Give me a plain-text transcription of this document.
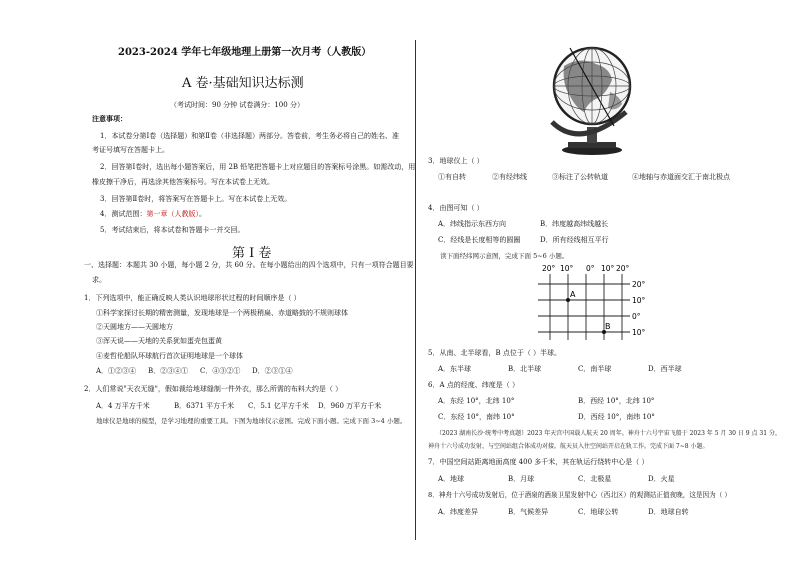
2023-2024 学年七年级地理上册第一次月考（人教版）
A 卷·基础知识达标测
（考试时间：90 分钟 试卷满分：100 分）
注意事项：
1．本试卷分第Ⅰ卷（选择题）和第Ⅱ卷（非选择题）两部分。答卷前，考生务必将自己的姓名、准
考证号填写在答题卡上。
2．回答第Ⅰ卷时，选出每小题答案后，用 2B 铅笔把答题卡上对应题目的答案标号涂黑。如需改动，用
橡皮擦干净后，再选涂其他答案标号。写在本试卷上无效。
3．回答第Ⅱ卷时，将答案写在答题卡上。写在本试卷上无效。
4．测试范围：第一章（人教版）。
5．考试结束后，将本试卷和答题卡一并交回。
第 Ⅰ 卷
一、选择题：本题共 30 小题，每小题 2 分，共 60 分。在每小题给出的四个选项中，只有一项符合题目要
求。
1．下列选项中，能正确反映人类认识地球形状过程的时间顺序是（ ）
①科学家探讨长期的精密测量，发现地球是一个两极稍扁、赤道略鼓的不规则球体
②天圆地方——天圆地方
③浑天说——天地的关系犹如蛋壳包蛋黄
④麦哲伦船队环球航行首次证明地球是一个球体
A．①②③④ B．②③④① C．④③②① D．②③①④
2．人们常说"天衣无缝"，假如裁给地球缝制一件外衣，那么所需的布料大约是（ ）
A．4 万平方千米	B．6371 平方千米 C．5.1 亿平方千米 D．960 万平方千米
地球仪是地球的模型，是学习地理的重要工具。下图为地球仪示意图。完成下面小题。完成下面 3~4 小题。
3．地球仪上（ ）
①有自转	②有经纬线	③标注了公转轨道	④地轴与赤道面交汇于南北极点
4．由图可知（ ）
A．纬线指示东西方向	B．纬度越高纬线越长
C．经线是长度相等的圆圈	D．所有经线相互平行
读下面经纬网示意图，完成下面 5~6 小题。
20° 10° 0° 10° 20°
20°
10°
0°
10°
A
B
5．从南、北半球看，B 点位于（ ）半球。
A．东半球	B．北半球	C．南半球	D．西半球
6．A 点的经度、纬度是（ ）
A．东经 10°，北纬 10°	B．西经 10°，北纬 10°
C．东经 10°，南纬 10°	D．西经 10°，南纬 10°
（2023 湖南长沙·统考中考真题）2023 年天宫中国载人航天 20 周年。神舟十六号宇宙飞船于 2023 年 5 月 30 日 9 点 31 分，
神舟十六号成功发射，与空间站组合体成功对接。航天员入住空间站开启在轨工作。完成下面 7~8 小题。
7．中国空间站距离地面高度 400 多千米，其在轨运行绕转中心是（ ）
A．地球	B．月球	C．北极星	D．火星
8．神舟十六号成功发射后，位于酒泉的酒泉卫星发射中心（西北区）的观测站正值夜晚，这是因为（ ）
A．纬度差异	B．气候差异	C．地球公转	D．地球自转
